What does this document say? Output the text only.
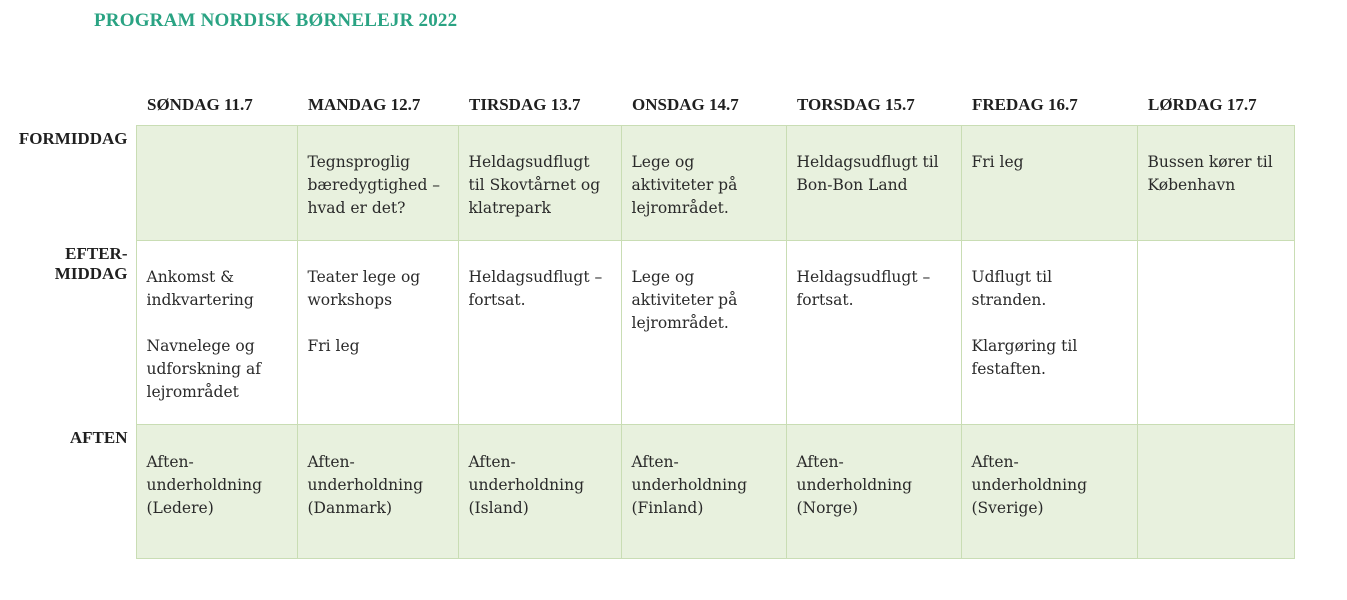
PROGRAM NORDISK BØRNELEJR 2022
	SØNDAG 11.7	MANDAG 12.7	TIRSDAG 13.7	ONSDAG 14.7	TORSDAG 15.7	FREDAG 16.7	LØRDAG 17.7

FORMIDDAG		Tegnsproglig
bæredygtighed –
hvad er det?	Heldagsudflugt
til Skovtårnet og
klatrepark	Lege og
aktiviteter på
lejrområdet.	Heldagsudflugt til
Bon-Bon Land	Fri leg	Bussen kører til
København

EFTER-
MIDDAG	Ankomst &
indkvartering
Navnelege og
udforskning af
lejrområdet	Teater lege og
workshops
Fri leg	Heldagsudflugt –
fortsat.	Lege og
aktiviteter på
lejrområdet.	Heldagsudflugt –
fortsat.	Udflugt til
stranden.
Klargøring til
festaften.	

AFTEN	Aften-
underholdning
(Ledere)	Aften-
underholdning
(Danmark)	Aften-
underholdning
(Island)	Aften-
underholdning
(Finland)	Aften-
underholdning
(Norge)	Aften-
underholdning
(Sverige)	
